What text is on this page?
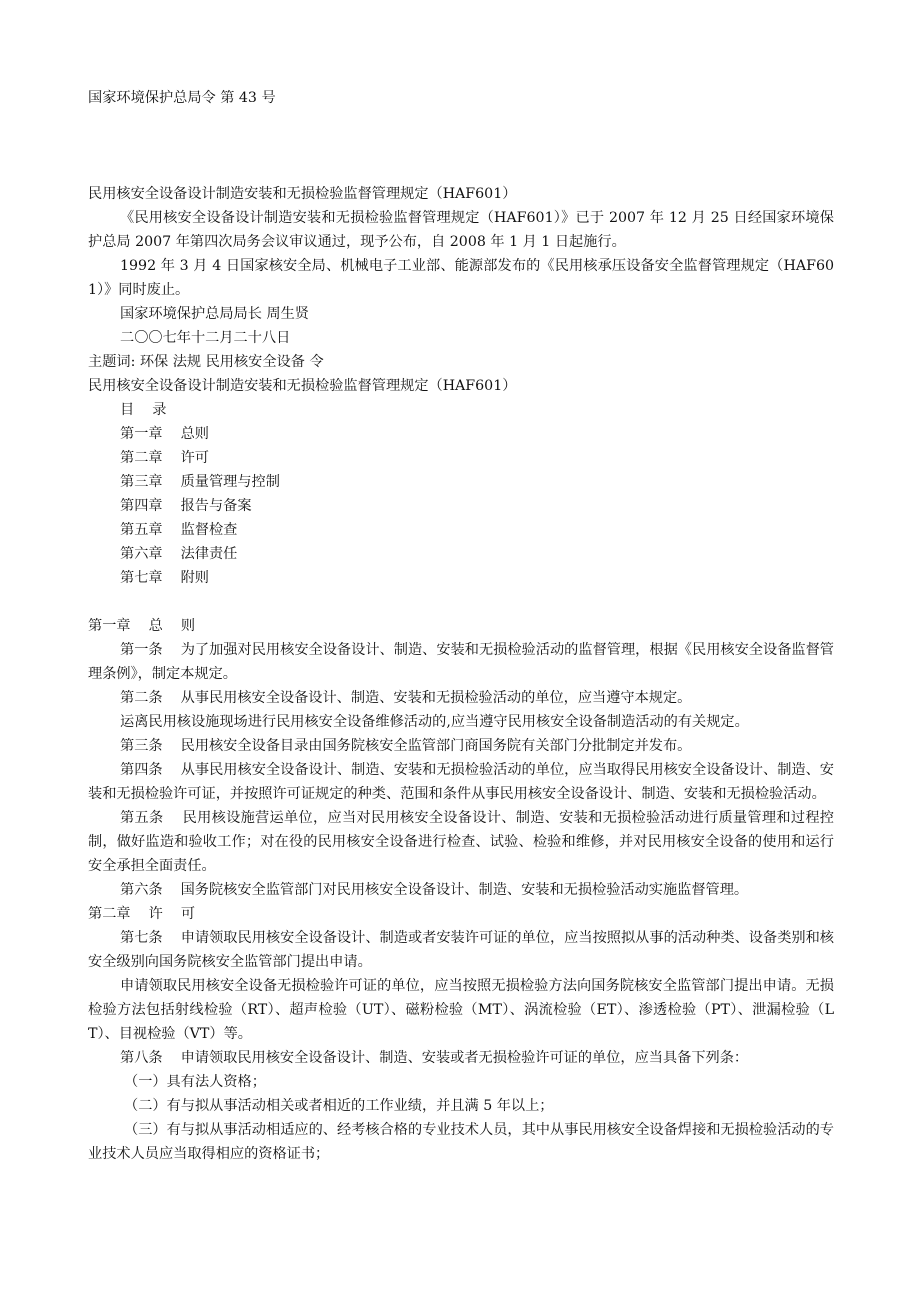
国家环境保护总局令 第 43 号

民用核安全设备设计制造安装和无损检验监督管理规定（HAF601）

《民用核安全设备设计制造安装和无损检验监督管理规定（HAF601）》已于 2007 年 12 月 25 日经国家环境保护总局 2007 年第四次局务会议审议通过，现予公布，自 2008 年 1 月 1 日起施行。

1992 年 3 月 4 日国家核安全局、机械电子工业部、能源部发布的《民用核承压设备安全监督管理规定（HAF601）》同时废止。

国家环境保护总局局长 周生贤

二〇〇七年十二月二十八日

主题词: 环保 法规 民用核安全设备 令

民用核安全设备设计制造安装和无损检验监督管理规定（HAF601）

目    录

第一章    总则

第二章    许可

第三章    质量管理与控制

第四章    报告与备案

第五章    监督检查

第六章    法律责任

第七章    附则

第一章    总    则

第一条    为了加强对民用核安全设备设计、制造、安装和无损检验活动的监督管理，根据《民用核安全设备监督管理条例》，制定本规定。

第二条    从事民用核安全设备设计、制造、安装和无损检验活动的单位，应当遵守本规定。

运离民用核设施现场进行民用核安全设备维修活动的,应当遵守民用核安全设备制造活动的有关规定。

第三条    民用核安全设备目录由国务院核安全监管部门商国务院有关部门分批制定并发布。

第四条    从事民用核安全设备设计、制造、安装和无损检验活动的单位，应当取得民用核安全设备设计、制造、安装和无损检验许可证，并按照许可证规定的种类、范围和条件从事民用核安全设备设计、制造、安装和无损检验活动。

第五条    民用核设施营运单位，应当对民用核安全设备设计、制造、安装和无损检验活动进行质量管理和过程控制，做好监造和验收工作；对在役的民用核安全设备进行检查、试验、检验和维修，并对民用核安全设备的使用和运行安全承担全面责任。

第六条    国务院核安全监管部门对民用核安全设备设计、制造、安装和无损检验活动实施监督管理。

第二章    许    可

第七条    申请领取民用核安全设备设计、制造或者安装许可证的单位，应当按照拟从事的活动种类、设备类别和核安全级别向国务院核安全监管部门提出申请。

申请领取民用核安全设备无损检验许可证的单位，应当按照无损检验方法向国务院核安全监管部门提出申请。无损检验方法包括射线检验（RT）、超声检验（UT）、磁粉检验（MT）、涡流检验（ET）、渗透检验（PT）、泄漏检验（LT）、目视检验（VT）等。

第八条    申请领取民用核安全设备设计、制造、安装或者无损检验许可证的单位，应当具备下列条：

（一）具有法人资格；

（二）有与拟从事活动相关或者相近的工作业绩，并且满 5 年以上；

（三）有与拟从事活动相适应的、经考核合格的专业技术人员，其中从事民用核安全设备焊接和无损检验活动的专业技术人员应当取得相应的资格证书；
